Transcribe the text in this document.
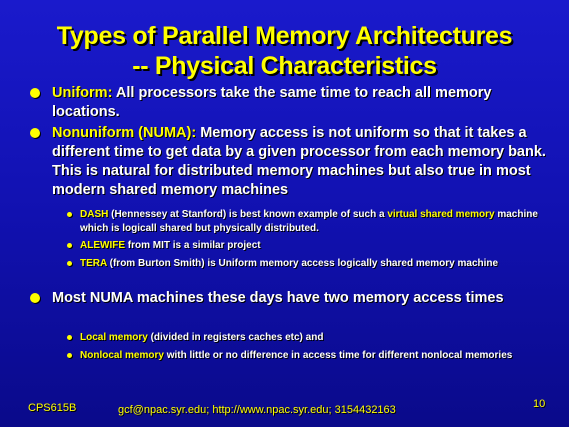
Types of Parallel Memory Architectures
-- Physical Characteristics
Uniform: All processors take the same time to reach all memory locations.
Nonuniform (NUMA): Memory access is not uniform so that it takes a different time to get data by a given processor from each memory bank. This is natural for distributed memory machines but also true in most modern shared memory machines
DASH (Hennessey at Stanford) is best known example of such a virtual shared memory machine which is logicall shared but physically distributed.
ALEWIFE from MIT is a similar project
TERA (from Burton Smith) is Uniform memory access logically shared memory machine
Most NUMA machines these days have two memory access times
Local memory (divided in registers caches etc) and
Nonlocal memory with little or no difference in access time for different nonlocal memories
CPS615B	gcf@npac.syr.edu; http://www.npac.syr.edu; 3154432163	10
